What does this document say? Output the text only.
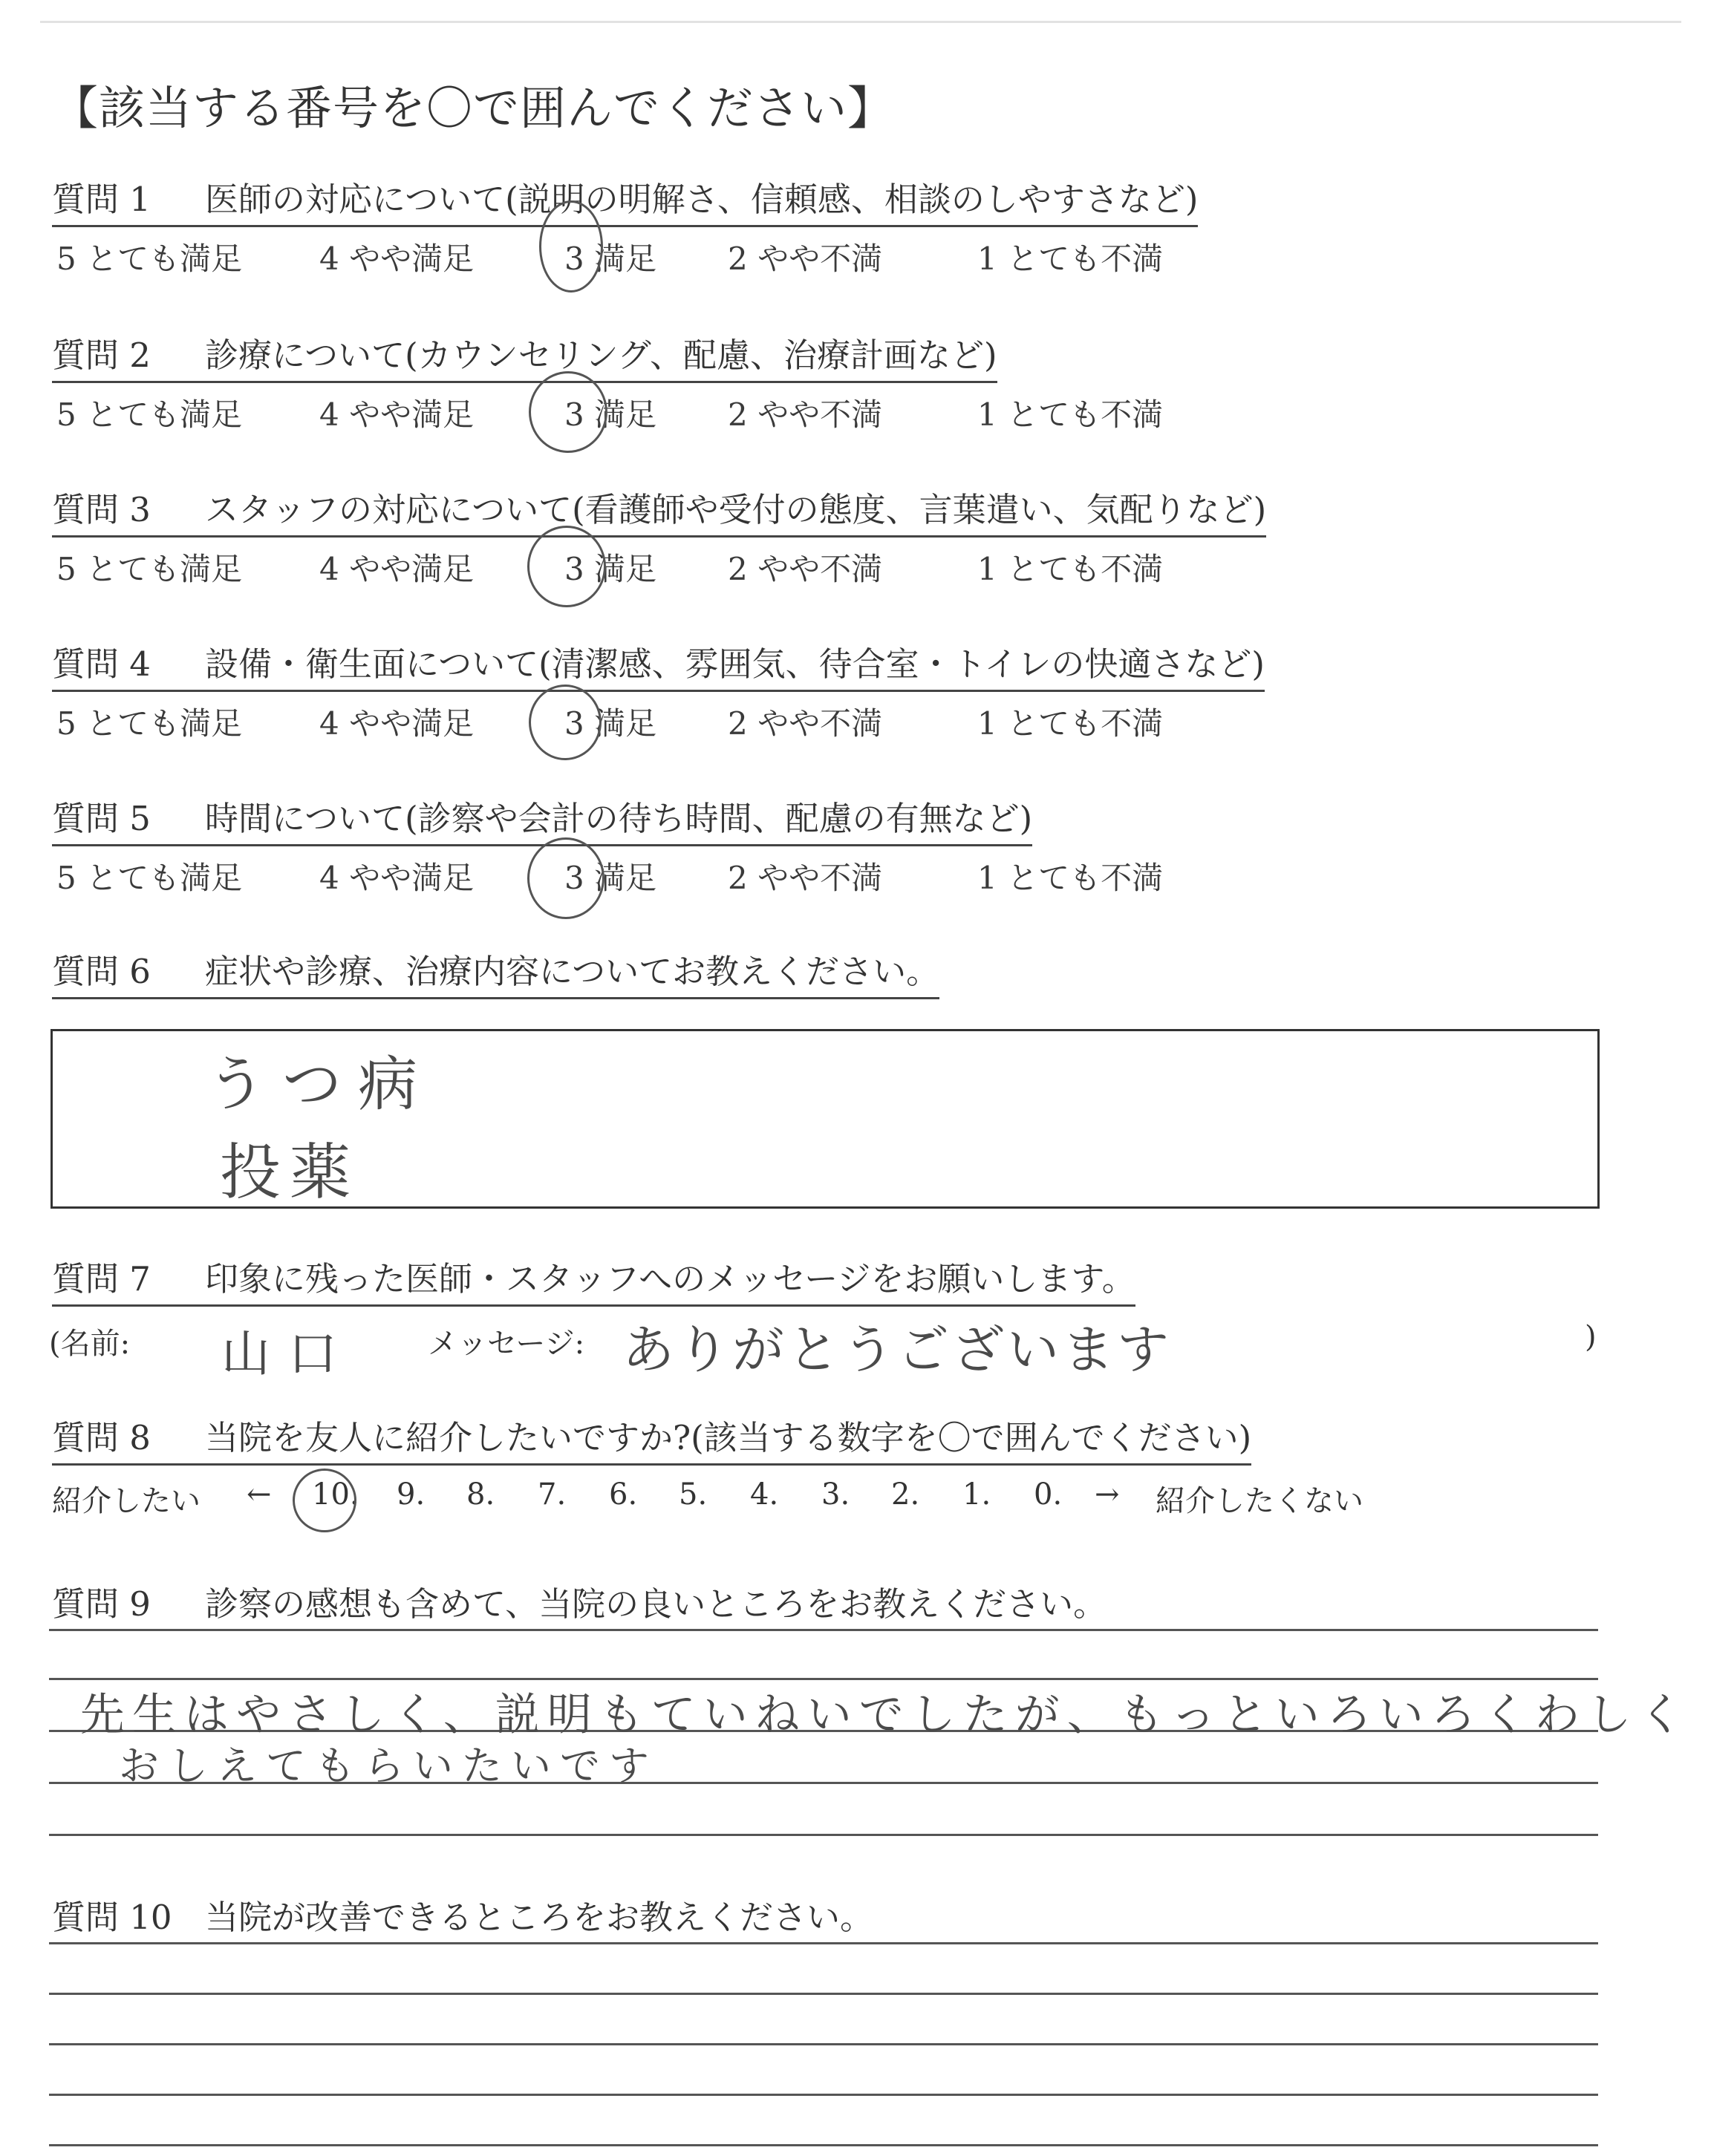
【該当する番号を〇で囲んでください】
質問 1 医師の対応について(説明の明解さ、信頼感、相談のしやすさなど)
5 とても満足 4 やや満足	3 満足 2 やや不満	1 とても不満
質問 2 診療について(カウンセリング、配慮、治療計画など)
5 とても満足 4 やや満足	3 満足 2 やや不満	1 とても不満
質問 3 スタッフの対応について(看護師や受付の態度、言葉遣い、気配りなど)
5 とても満足 4 やや満足	3 満足 2 やや不満	1 とても不満
質問 4 設備・衛生面について(清潔感、雰囲気、待合室・トイレの快適さなど)
5 とても満足 4 やや満足	3 満足 2 やや不満	1 とても不満
質問 5 時間について(診察や会計の待ち時間、配慮の有無など)
5 とても満足 4 やや満足	3 満足 2 やや不満	1 とても不満
質問 6 症状や診療、治療内容についてお教えください。
うつ病
投薬
質問 7 印象に残った医師・スタッフへのメッセージをお願いします。
(名前:	メッセージ:	)
山口	ありがとうございます
質問 8 当院を友人に紹介したいですか?(該当する数字を〇で囲んでください)
紹介したい ← 10. 9. 8. 7. 6. 5. 4. 3. 2. 1. 0. → 紹介したくない
質問 9 診察の感想も含めて、当院の良いところをお教えください。
先生はやさしく、説明もていねいでしたが、もっといろいろくわしく
おしえてもらいたいです
質問 10 当院が改善できるところをお教えください。
